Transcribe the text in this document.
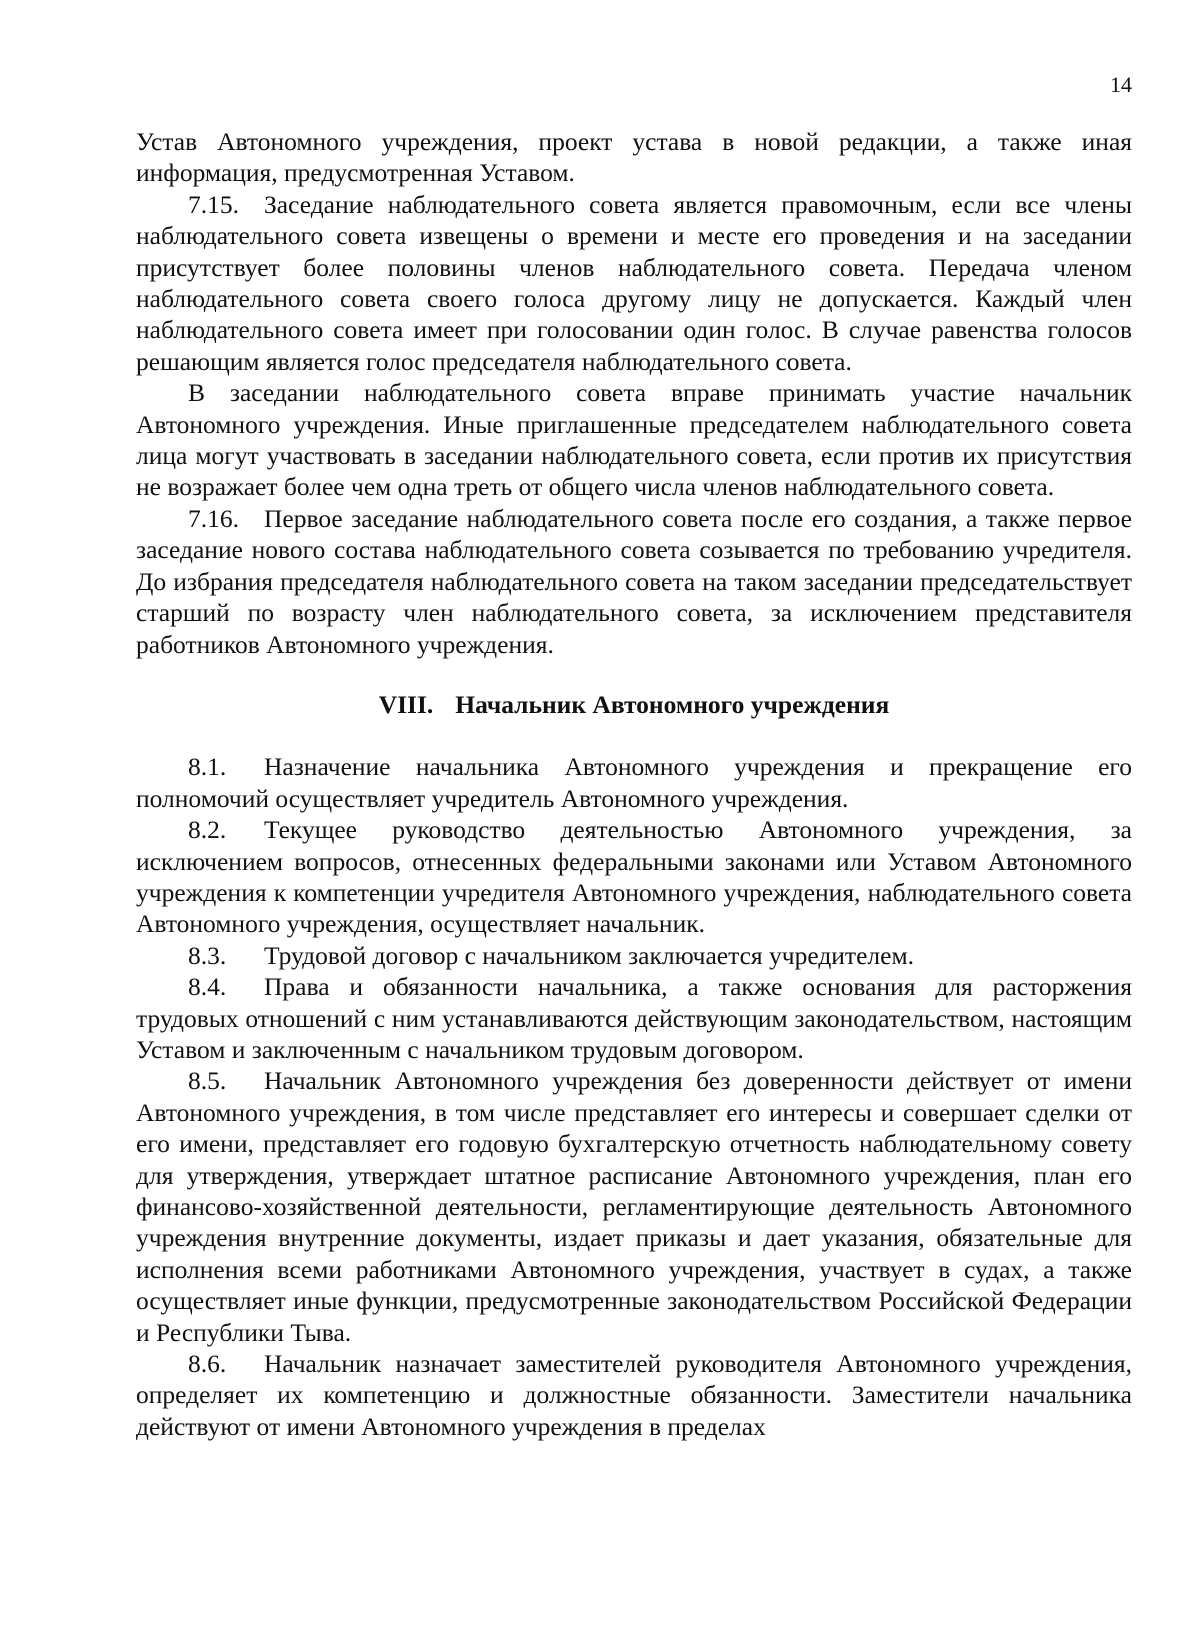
14

Устав Автономного учреждения, проект устава в новой редакции, а также иная информация, предусмотренная Уставом.

7.15. Заседание наблюдательного совета является правомочным, если все члены наблюдательного совета извещены о времени и месте его проведения и на заседании присутствует более половины членов наблюдательного совета. Передача членом наблюдательного совета своего голоса другому лицу не допускается. Каждый член наблюдательного совета имеет при голосовании один голос. В случае равенства голосов решающим является голос председателя наблюдательного совета.

В заседании наблюдательного совета вправе принимать участие начальник Автономного учреждения. Иные приглашенные председателем наблюдательного совета лица могут участвовать в заседании наблюдательного совета, если против их присутствия не возражает более чем одна треть от общего числа членов наблюдательного совета.

7.16. Первое заседание наблюдательного совета после его создания, а также первое заседание нового состава наблюдательного совета созывается по требованию учредителя. До избрания председателя наблюдательного совета на таком заседании председательствует старший по возрасту член наблюдательного совета, за исключением представителя работников Автономного учреждения.

VIII. Начальник Автономного учреждения

8.1. Назначение начальника Автономного учреждения и прекращение его полномочий осуществляет учредитель Автономного учреждения.

8.2. Текущее руководство деятельностью Автономного учреждения, за исключением вопросов, отнесенных федеральными законами или Уставом Автономного учреждения к компетенции учредителя Автономного учреждения, наблюдательного совета Автономного учреждения, осуществляет начальник.

8.3. Трудовой договор с начальником заключается учредителем.

8.4. Права и обязанности начальника, а также основания для расторжения трудовых отношений с ним устанавливаются действующим законодательством, настоящим Уставом и заключенным с начальником трудовым договором.

8.5. Начальник Автономного учреждения без доверенности действует от имени Автономного учреждения, в том числе представляет его интересы и совершает сделки от его имени, представляет его годовую бухгалтерскую отчетность наблюдательному совету для утверждения, утверждает штатное расписание Автономного учреждения, план его финансово-хозяйственной деятельности, регламентирующие деятельность Автономного учреждения внутренние документы, издает приказы и дает указания, обязательные для исполнения всеми работниками Автономного учреждения, участвует в судах, а также осуществляет иные функции, предусмотренные законодательством Российской Федерации и Республики Тыва.

8.6. Начальник назначает заместителей руководителя Автономного учреждения, определяет их компетенцию и должностные обязанности. Заместители начальника действуют от имени Автономного учреждения в пределах
